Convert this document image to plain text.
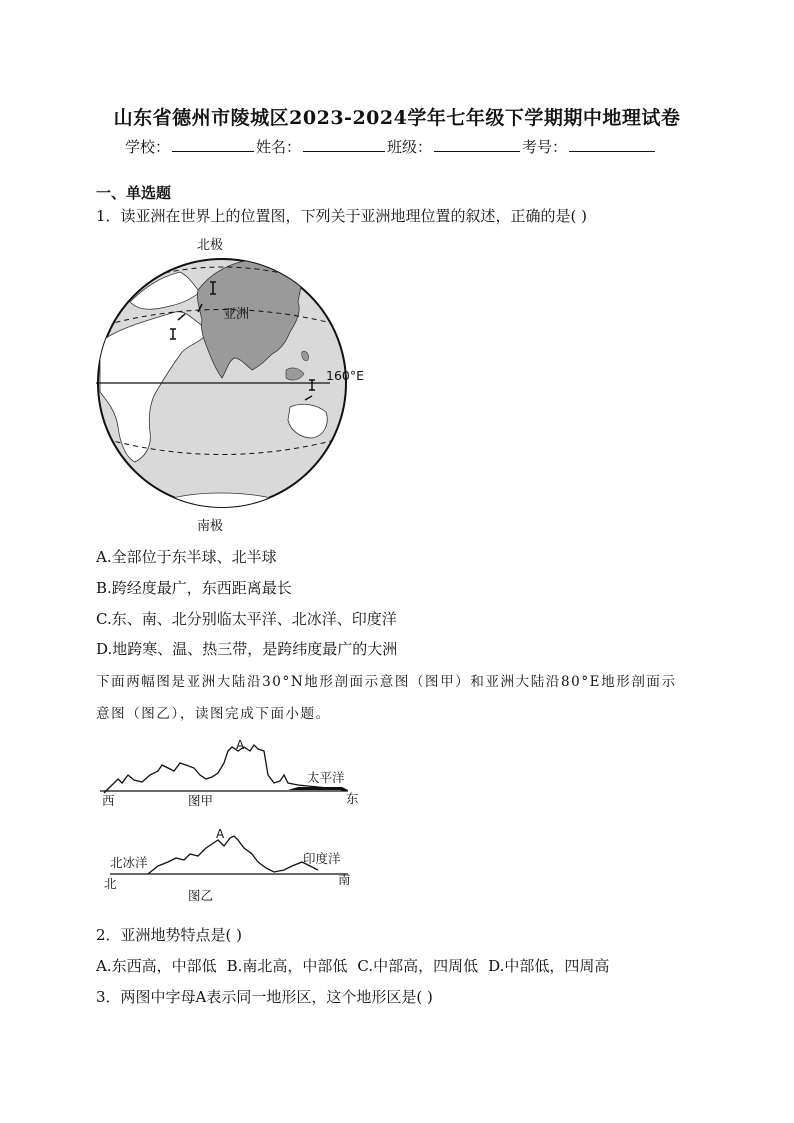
山东省德州市陵城区2023-2024学年七年级下学期期中地理试卷
学校：	姓名：	班级：	考号：
一、单选题
1．读亚洲在世界上的位置图，下列关于亚洲地理位置的叙述，正确的是( )
北极
南极
亚洲
160°E
A.全部位于东半球、北半球
B.跨经度最广，东西距离最长
C.东、南、北分别临太平洋、北冰洋、印度洋
D.地跨寒、温、热三带，是跨纬度最广的大洲
下面两幅图是亚洲大陆沿30°N地形剖面示意图（图甲）和亚洲大陆沿80°E地形剖面示
意图（图乙），读图完成下面小题。
A
太平洋
西	东
图甲
A
北冰洋	印度洋
北	南
图乙
2．亚洲地势特点是( )
A.东西高，中部低 B.南北高，中部低 C.中部高，四周低 D.中部低，四周高
3．两图中字母A表示同一地形区，这个地形区是( )
